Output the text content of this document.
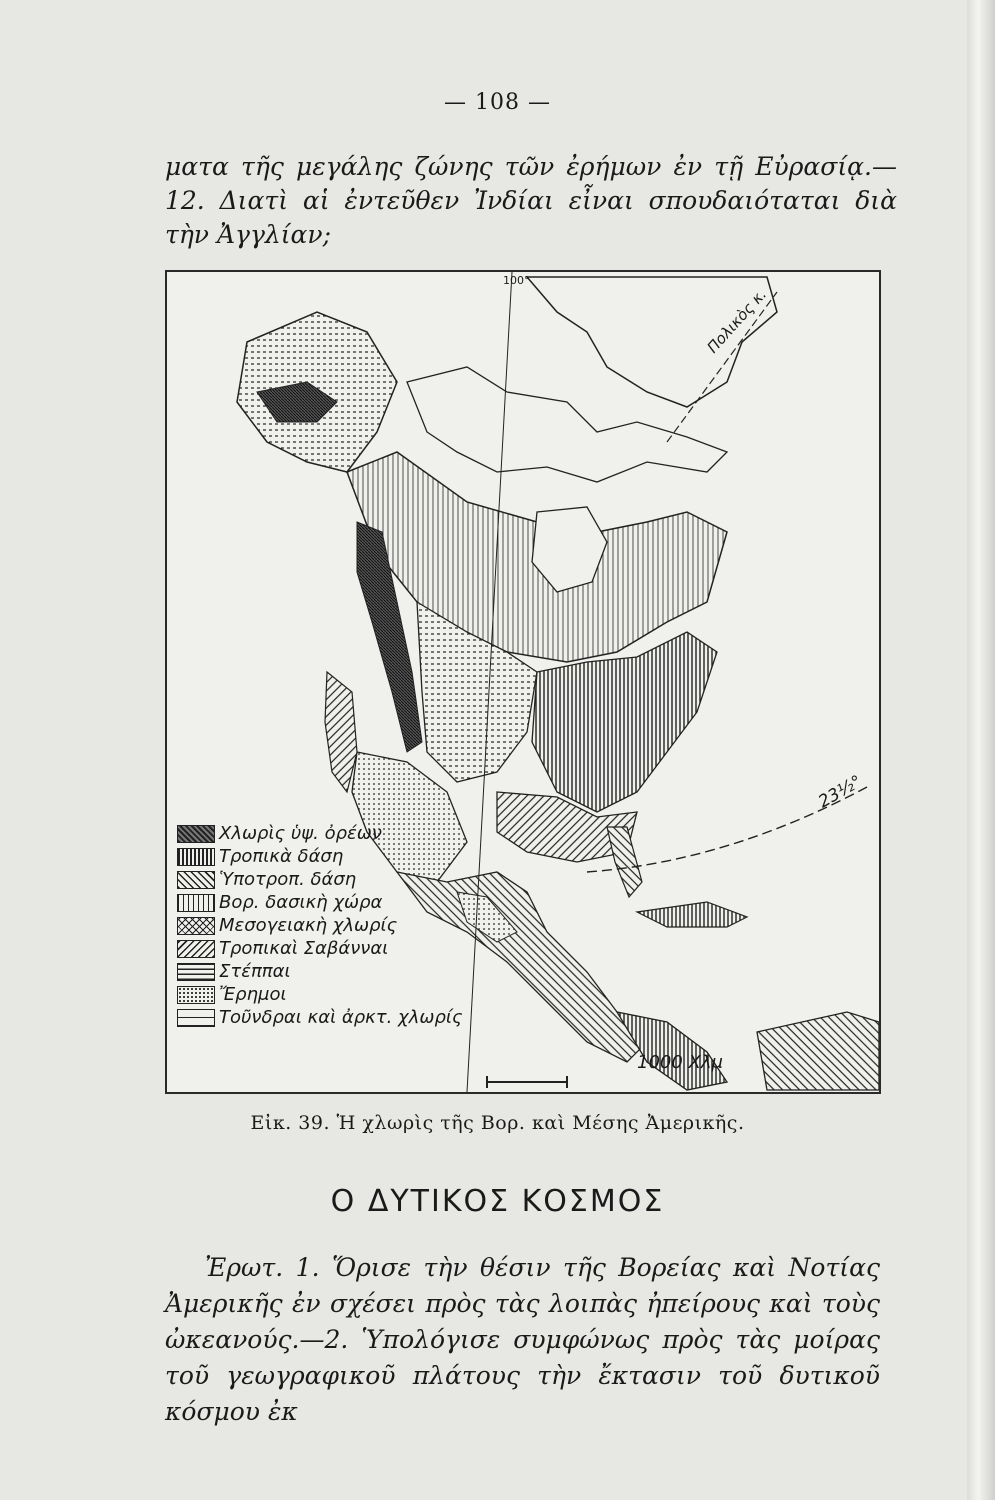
— 108 —

ματα τῆς μεγάλης ζώνης τῶν ἐρήμων ἐν τῇ Εὐρασίᾳ.—12. Διατὶ αἱ ἐντεῦθεν Ἰνδίαι εἶναι σπουδαιόταται διὰ τὴν Ἀγγλίαν;

Χλωρὶς ὑψ. ὀρέων
Τροπικὰ δάση
Ὑποτροπ. δάση
Βορ. δασικὴ χώρα
Μεσογειακὴ χλωρίς
Τροπικαὶ Σαβάνναι
Στέππαι
Ἔρημοι
Τοῦνδραι καὶ ἀρκτ. χλωρίς
1000 Χλμ
23½°
Πολικὸς κ.
100°
Εἰκ. 39. Ἡ χλωρὶς τῆς Βορ. καὶ Μέσης Ἀμερικῆς.
Ο ΔΥΤΙΚΟΣ ΚΟΣΜΟΣ

Ἐρωτ. 1. Ὅρισε τὴν θέσιν τῆς Βορείας καὶ Νοτίας Ἀμερικῆς ἐν σχέσει πρὸς τὰς λοιπὰς ἠπείρους καὶ τοὺς ὠκεανούς.—2. Ὑπολόγισε συμφώνως πρὸς τὰς μοίρας τοῦ γεωγραφικοῦ πλάτους τὴν ἔκτασιν τοῦ δυτικοῦ κόσμου ἐκ
